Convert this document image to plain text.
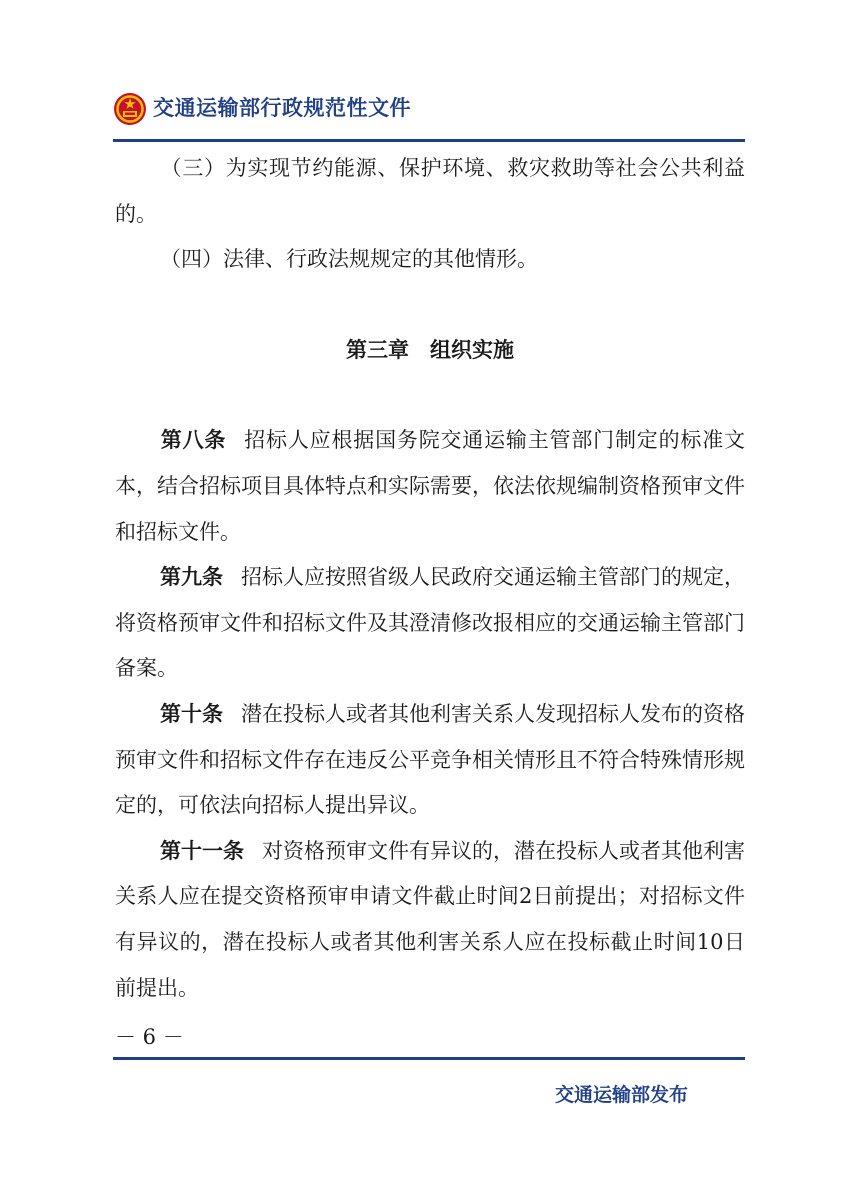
交通运输部行政规范性文件

（三）为实现节约能源、保护环境、救灾救助等社会公共利益的。

（四）法律、行政法规规定的其他情形。

第三章　组织实施

第八条 招标人应根据国务院交通运输主管部门制定的标准文本，结合招标项目具体特点和实际需要，依法依规编制资格预审文件和招标文件。

第九条 招标人应按照省级人民政府交通运输主管部门的规定，将资格预审文件和招标文件及其澄清修改报相应的交通运输主管部门备案。

第十条 潜在投标人或者其他利害关系人发现招标人发布的资格预审文件和招标文件存在违反公平竞争相关情形且不符合特殊情形规定的，可依法向招标人提出异议。

第十一条 对资格预审文件有异议的，潜在投标人或者其他利害关系人应在提交资格预审申请文件截止时间2日前提出；对招标文件有异议的，潜在投标人或者其他利害关系人应在投标截止时间10日前提出。

－ 6 －
交通运输部发布
